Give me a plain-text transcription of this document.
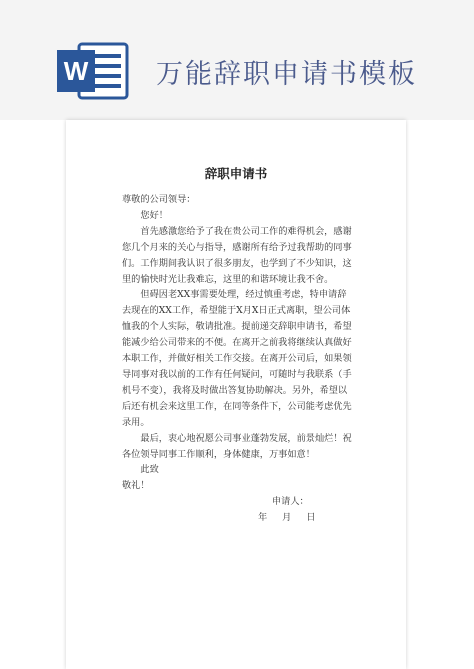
W	万能辞职申请书模板
辞职申请书

尊敬的公司领导：

您好！

首先感激您给予了我在贵公司工作的难得机会，感谢您几个月来的关心与指导，感谢所有给予过我帮助的同事们。工作期间我认识了很多朋友，也学到了不少知识，这里的愉快时光让我难忘，这里的和谐环境让我不舍。

但碍因老XX事需要处理，经过慎重考虑，特申请辞去现在的XX工作，希望能于X月X日正式离职，望公司体恤我的个人实际，敬请批准。提前递交辞职申请书，希望能减少给公司带来的不便。在离开之前我将继续认真做好本职工作，并做好相关工作交接。在离开公司后，如果领导同事对我以前的工作有任何疑问，可随时与我联系（手机号不变），我将及时做出答复协助解决。另外，希望以后还有机会来这里工作，在同等条件下，公司能考虑优先录用。

最后，衷心地祝愿公司事业蓬勃发展，前景灿烂！祝各位领导同事工作顺利，身体健康，万事如意！

此致

敬礼！

申请人：

年 月 日
